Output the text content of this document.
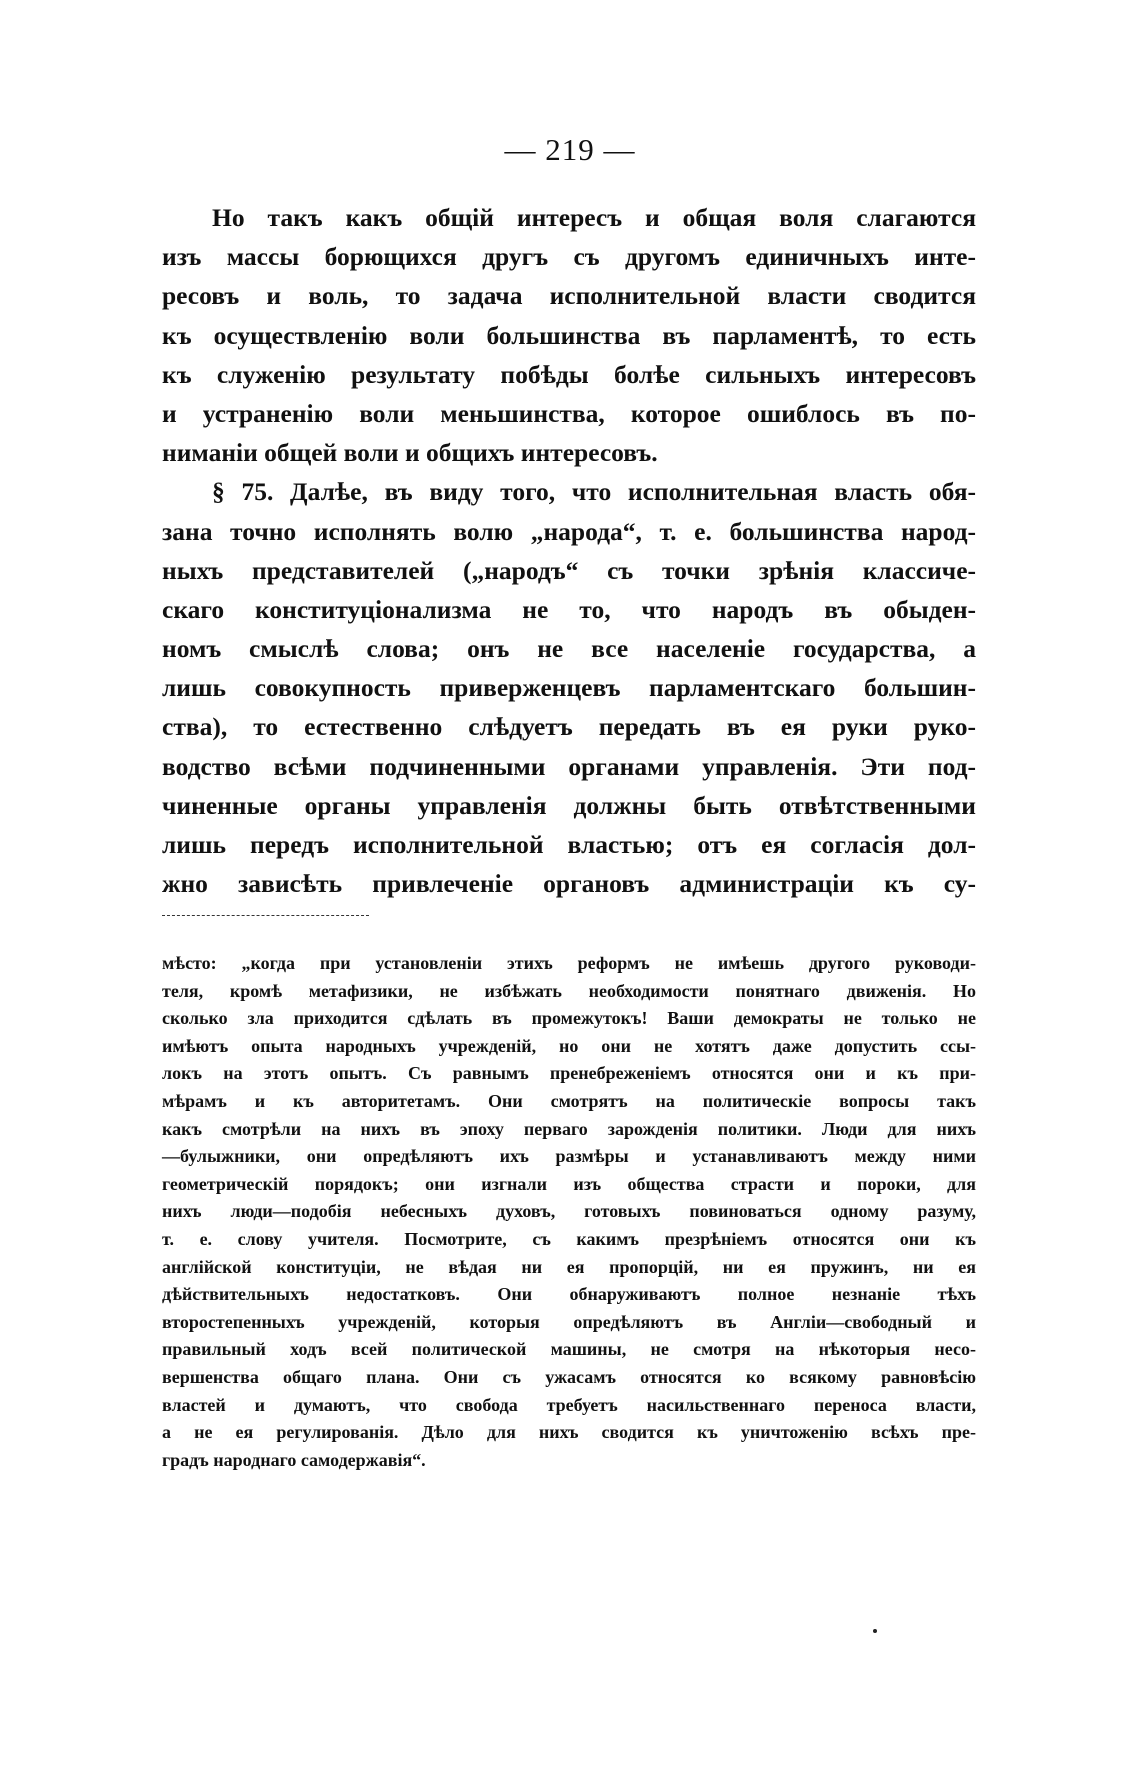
— 219 —
Но такъ какъ общій интересъ и общая воля слагаются
изъ массы борющихся другъ съ другомъ единичныхъ инте-
ресовъ и воль, то задача исполнительной власти сводится
къ осуществленію воли большинства въ парламентѣ, то есть
къ служенію результату побѣды болѣе сильныхъ интересовъ
и устраненію воли меньшинства, которое ошиблось въ по-
ниманіи общей воли и общихъ интересовъ.
§ 75. Далѣе, въ виду того, что исполнительная власть обя-
зана точно исполнять волю „народа“, т. е. большинства народ-
ныхъ представителей („народъ“ съ точки зрѣнія классиче-
скаго конституціонализма не то, что народъ въ обыден-
номъ смыслѣ слова; онъ не все населеніе государства, а
лишь совокупность приверженцевъ парламентскаго большин-
ства), то естественно слѣдуетъ передать въ ея руки руко-
водство всѣми подчиненными органами управленія. Эти под-
чиненные органы управленія должны быть отвѣтственными
лишь передъ исполнительной властью; отъ ея согласія дол-
жно зависѣть привлеченіе органовъ администраціи къ су-
мѣсто: „когда при установленіи этихъ реформъ не имѣешь другого руководи-
теля, кромѣ метафизики, не избѣжать необходимости понятнаго движенія. Но
сколько зла приходится сдѣлать въ промежутокъ! Ваши демократы не только не
имѣютъ опыта народныхъ учрежденій, но они не хотятъ даже допустить ссы-
локъ на этотъ опытъ. Съ равнымъ пренебреженіемъ относятся они и къ при-
мѣрамъ и къ авторитетамъ. Они смотрятъ на политическіе вопросы такъ
какъ смотрѣли на нихъ въ эпоху перваго зарожденія политики. Люди для нихъ
—булыжники, они опредѣляютъ ихъ размѣры и устанавливаютъ между ними
геометрическій порядокъ; они изгнали изъ общества страсти и пороки, для
нихъ люди—подобія небесныхъ духовъ, готовыхъ повиноваться одному разуму,
т. е. слову учителя. Посмотрите, съ какимъ презрѣніемъ относятся они къ
англійской конституціи, не вѣдая ни ея пропорцій, ни ея пружинъ, ни ея
дѣйствительныхъ недостатковъ. Они обнаруживаютъ полное незнаніе тѣхъ
второстепенныхъ учрежденій, которыя опредѣляютъ въ Англіи—свободный и
правильный ходъ всей политической машины, не смотря на нѣкоторыя несо-
вершенства общаго плана. Они съ ужасамъ относятся ко всякому равновѣсію
властей и думаютъ, что свобода требуетъ насильственнаго переноса власти,
а не ея регулированія. Дѣло для нихъ сводится къ уничтоженію всѣхъ пре-
градъ народнаго самодержавія“.
